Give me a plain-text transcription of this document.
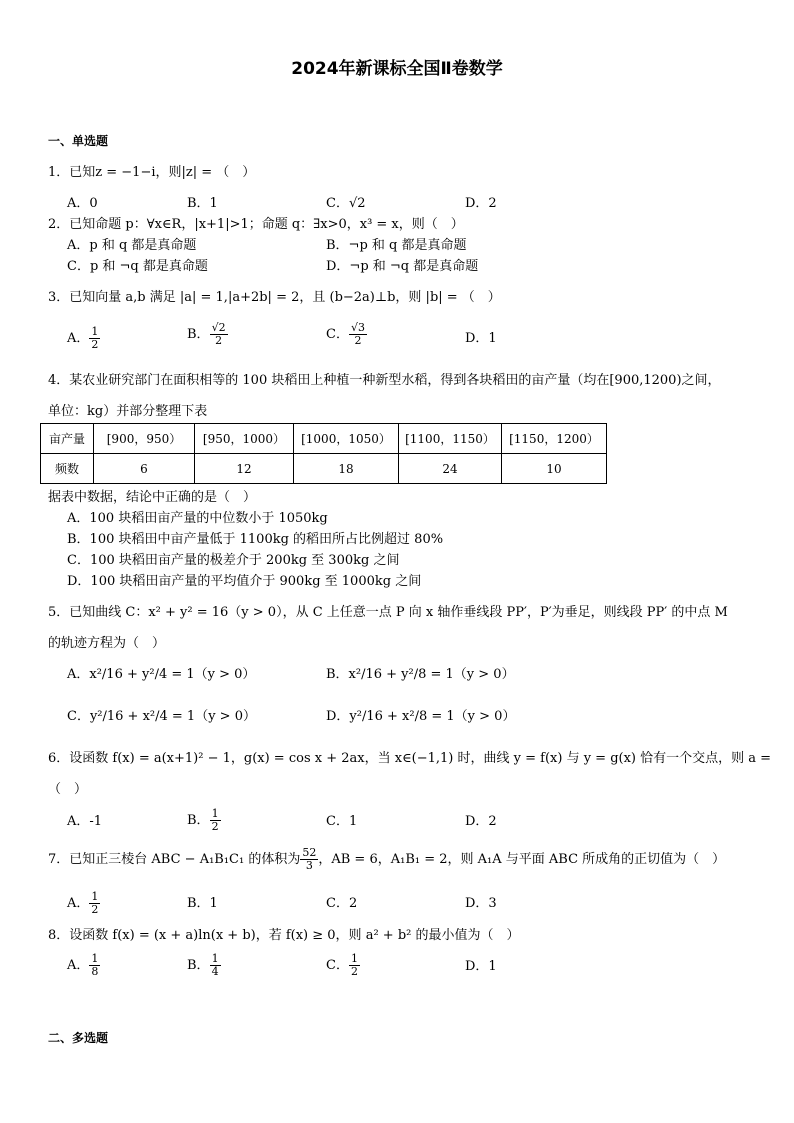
2024年新课标全国Ⅱ卷数学
一、单选题
1．已知z = −1−i，则|z| = （　）
A．0	B．1	C．√2	D．2
2．已知命题 p：∀x∈R，|x+1|>1；命题 q：∃x>0，x³ = x，则（　）
A．p 和 q 都是真命题	B．¬p 和 q 都是真命题
C．p 和 ¬q 都是真命题	D．¬p 和 ¬q 都是真命题
3．已知向量 a,b 满足 |a| = 1,|a+2b| = 2，且 (b−2a)⊥b，则 |b| = （　）
A． $\frac{1}{2}$	B． $\frac{√2}{2}$	C． $\frac{√3}{2}$	D．1
4．某农业研究部门在面积相等的 100 块稻田上种植一种新型水稻，得到各块稻田的亩产量（均在[900,1200)之间，
单位：kg）并部分整理下表
亩产量	[900，950）	[950，1000）	[1000，1050）	[1100，1150）	[1150，1200）
频数	6	12	18	24	10
据表中数据，结论中正确的是（　）
A．100 块稻田亩产量的中位数小于 1050kg
B．100 块稻田中亩产量低于 1100kg 的稻田所占比例超过 80%
C．100 块稻田亩产量的极差介于 200kg 至 300kg 之间
D．100 块稻田亩产量的平均值介于 900kg 至 1000kg 之间
5．已知曲线 C：x² + y² = 16（y > 0），从 C 上任意一点 P 向 x 轴作垂线段 PP′，P′为垂足，则线段 PP′ 的中点 M
的轨迹方程为（　）
A．x²/16 + y²/4 = 1（y > 0）	B．x²/16 + y²/8 = 1（y > 0）
C．y²/16 + x²/4 = 1（y > 0）	D．y²/16 + x²/8 = 1（y > 0）
6．设函数 f(x) = a(x+1)² − 1，g(x) = cos x + 2ax，当 x∈(−1,1) 时，曲线 y = f(x) 与 y = g(x) 恰有一个交点，则 a =
（　）
A．-1	B． $\frac{1}{2}$	C．1	D．2
7．已知正三棱台 ABC − A₁B₁C₁ 的体积为 $\frac{52}{3}$ ，AB = 6，A₁B₁ = 2，则 A₁A 与平面 ABC 所成角的正切值为（　）
A． $\frac{1}{2}$	B．1	C．2	D．3
8．设函数 f(x) = (x + a)ln(x + b)，若 f(x) ≥ 0，则 a² + b² 的最小值为（　）
A． $\frac{1}{8}$	B． $\frac{1}{4}$	C． $\frac{1}{2}$	D．1
二、多选题
